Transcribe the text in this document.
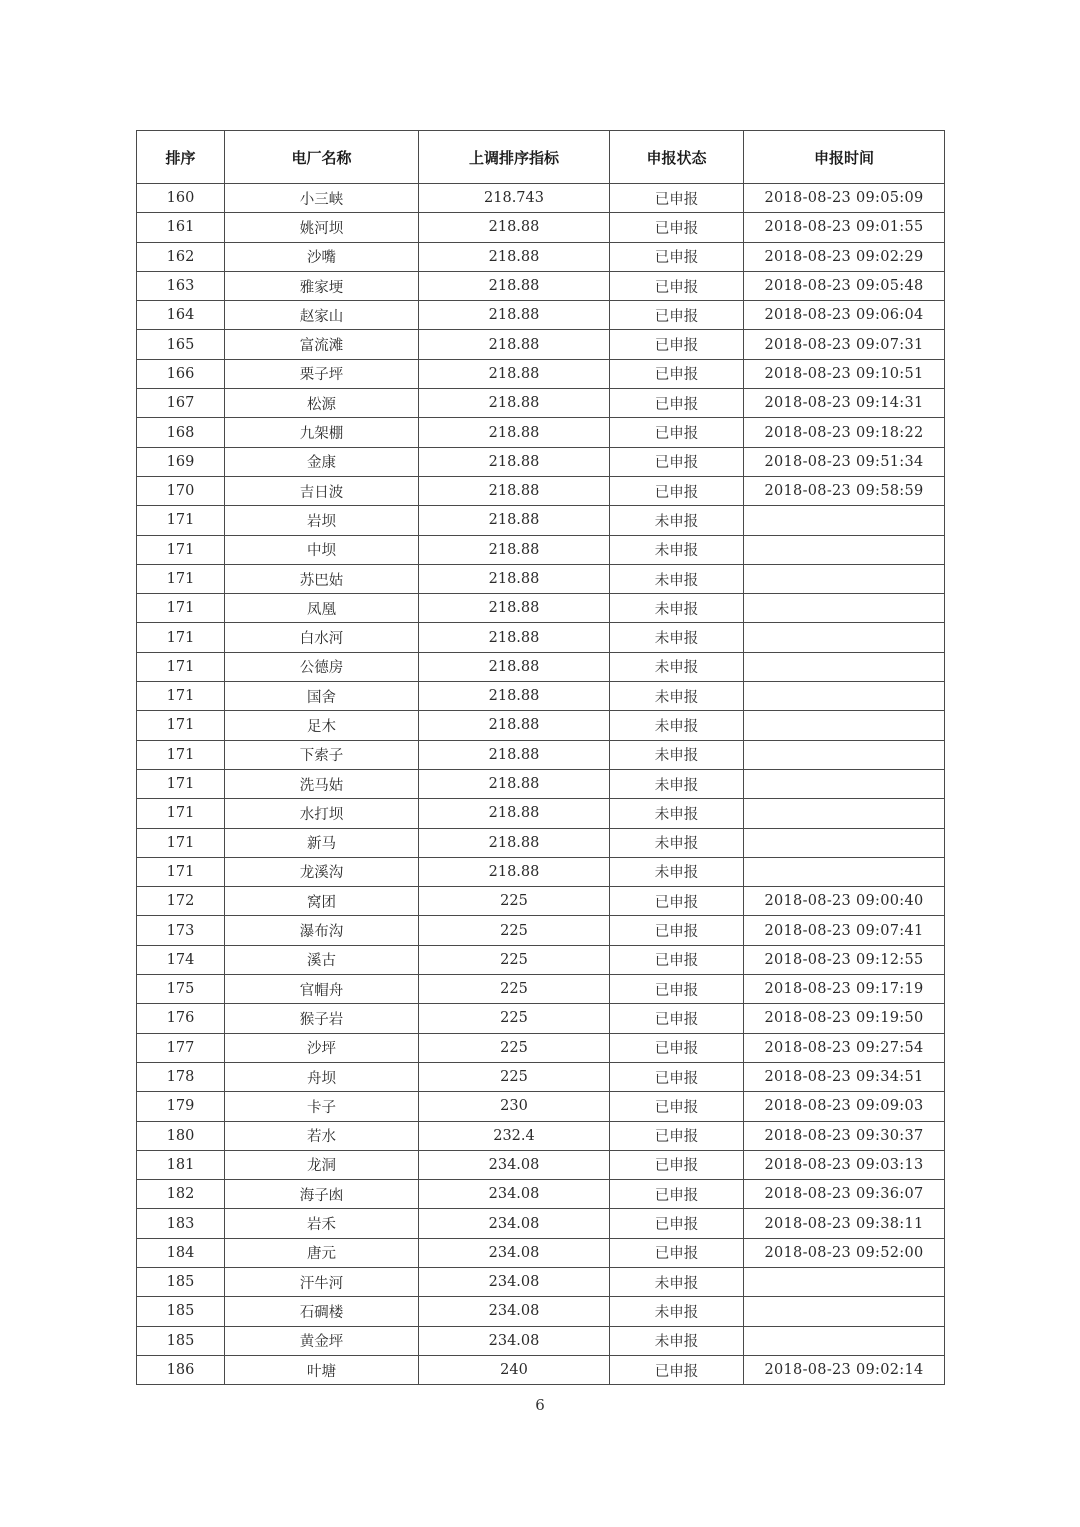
排序	电厂名称	上调排序指标	申报状态	申报时间
160	小三峡	218.743	已申报	2018-08-23 09:05:09
161	姚河坝	218.88	已申报	2018-08-23 09:01:55
162	沙嘴	218.88	已申报	2018-08-23 09:02:29
163	雅家埂	218.88	已申报	2018-08-23 09:05:48
164	赵家山	218.88	已申报	2018-08-23 09:06:04
165	富流滩	218.88	已申报	2018-08-23 09:07:31
166	栗子坪	218.88	已申报	2018-08-23 09:10:51
167	松源	218.88	已申报	2018-08-23 09:14:31
168	九架棚	218.88	已申报	2018-08-23 09:18:22
169	金康	218.88	已申报	2018-08-23 09:51:34
170	吉日波	218.88	已申报	2018-08-23 09:58:59
171	岩坝	218.88	未申报	
171	中坝	218.88	未申报	
171	苏巴姑	218.88	未申报	
171	凤凰	218.88	未申报	
171	白水河	218.88	未申报	
171	公德房	218.88	未申报	
171	国舍	218.88	未申报	
171	足木	218.88	未申报	
171	下索子	218.88	未申报	
171	洗马姑	218.88	未申报	
171	水打坝	218.88	未申报	
171	新马	218.88	未申报	
171	龙溪沟	218.88	未申报	
172	窝团	225	已申报	2018-08-23 09:00:40
173	瀑布沟	225	已申报	2018-08-23 09:07:41
174	溪古	225	已申报	2018-08-23 09:12:55
175	官帽舟	225	已申报	2018-08-23 09:17:19
176	猴子岩	225	已申报	2018-08-23 09:19:50
177	沙坪	225	已申报	2018-08-23 09:27:54
178	舟坝	225	已申报	2018-08-23 09:34:51
179	卡子	230	已申报	2018-08-23 09:09:03
180	若水	232.4	已申报	2018-08-23 09:30:37
181	龙洞	234.08	已申报	2018-08-23 09:03:13
182	海子凼	234.08	已申报	2018-08-23 09:36:07
183	岩禾	234.08	已申报	2018-08-23 09:38:11
184	唐元	234.08	已申报	2018-08-23 09:52:00
185	汗牛河	234.08	未申报	
185	石碉楼	234.08	未申报	
185	黄金坪	234.08	未申报	
186	叶塘	240	已申报	2018-08-23 09:02:14
6
